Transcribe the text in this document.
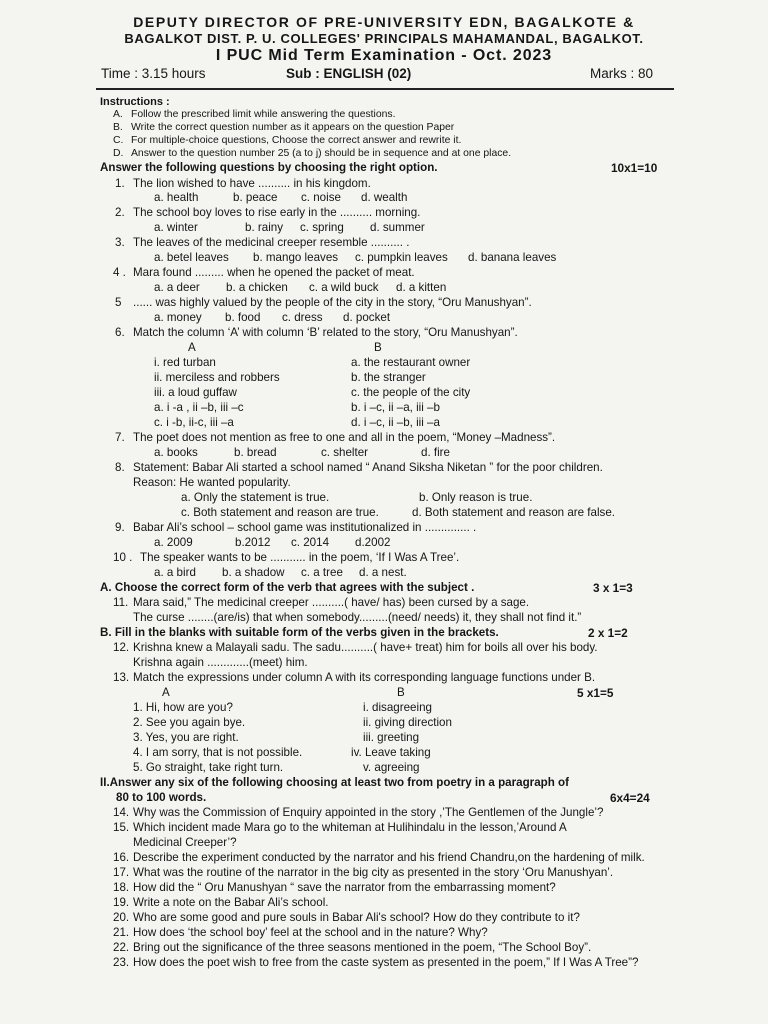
DEPUTY DIRECTOR OF PRE-UNIVERSITY EDN, BAGALKOTE &
BAGALKOT DIST. P. U. COLLEGES' PRINCIPALS MAHAMANDAL, BAGALKOT.
I PUC Mid Term Examination - Oct. 2023
Time : 3.15 hours	Sub : ENGLISH (02)	Marks : 80
Instructions :
A. Follow the prescribed limit while answering the questions.
B. Write the correct question number as it appears on the question Paper
C. For multiple-choice questions, Choose the correct answer and rewrite it.
D. Answer to the question number 25 (a to j) should be in sequence and at one place.
Answer the following questions by choosing the right option.	10x1=10
1. The lion wished to have .......... in his kingdom.
a. health	b. peace c. noise d. wealth
2. The school boy loves to rise early in the .......... morning.
a. winter	b. rainy c. spring d. summer
3. The leaves of the medicinal creeper resemble .......... .
a. betel leaves b. mango leaves c. pumpkin leaves d. banana leaves
4 . Mara found ......... when he opened the packet of meat.
a. a deer b. a chicken c. a wild buck d. a kitten
5 ...... was highly valued by the people of the city in the story, “Oru Manushyan”.
a. money b. food c. dress d. pocket
6. Match the column ‘A’ with column ‘B’ related to the story, “Oru Manushyan”.
A	B
i. red turban	a. the restaurant owner
ii. merciless and robbers	b. the stranger
iii. a loud guffaw	c. the people of the city
a. i -a , ii –b, iii –c	b. i –c, ii –a, iii –b
c. i -b, ii-c, iii –a	d. i –c, ii –b, iii –a
7. The poet does not mention as free to one and all in the poem, “Money –Madness”.
a. books	b. bread	c. shelter	d. fire
8. Statement: Babar Ali started a school named “ Anand Siksha Niketan ” for the poor children.
Reason: He wanted popularity.
a. Only the statement is true.	b. Only reason is true.
c. Both statement and reason are true.	d. Both statement and reason are false.
9. Babar Ali’s school – school game was institutionalized in .............. .
a. 2009	b.2012 c. 2014 d.2002
10 . The speaker wants to be ........... in the poem, ‘If I Was A Tree’.
a. a bird b. a shadow c. a tree d. a nest.
A. Choose the correct form of the verb that agrees with the subject .	3 x 1=3
11. Mara said,” The medicinal creeper ..........( have/ has) been cursed by a sage.
The curse ........(are/is) that when somebody.........(need/ needs) it, they shall not find it.”
B. Fill in the blanks with suitable form of the verbs given in the brackets.	2 x 1=2
12. Krishna knew a Malayali sadu. The sadu..........( have+ treat) him for boils all over his body.
Krishna again .............(meet) him.
13. Match the expressions under column A with its corresponding language functions under B.
A	B	5 x1=5
1. Hi, how are you?	i. disagreeing
2. See you again bye.	ii. giving direction
3. Yes, you are right.	iii. greeting
4. I am sorry, that is not possible.	iv. Leave taking
5. Go straight, take right turn.	v. agreeing
II.Answer any six of the following choosing at least two from poetry in a paragraph of
80 to 100 words.	6x4=24
14. Why was the Commission of Enquiry appointed in the story ,’The Gentlemen of the Jungle’?
15. Which incident made Mara go to the whiteman at Hulihindalu in the lesson,’Around A
Medicinal Creeper’?
16. Describe the experiment conducted by the narrator and his friend Chandru,on the hardening of milk.
17. What was the routine of the narrator in the big city as presented in the story ‘Oru Manushyan’.
18. How did the “ Oru Manushyan “ save the narrator from the embarrassing moment?
19. Write a note on the Babar Ali’s school.
20. Who are some good and pure souls in Babar Ali's school? How do they contribute to it?
21. How does ‘the school boy’ feel at the school and in the nature? Why?
22. Bring out the significance of the three seasons mentioned in the poem, “The School Boy”.
23. How does the poet wish to free from the caste system as presented in the poem,” If I Was A Tree”?
